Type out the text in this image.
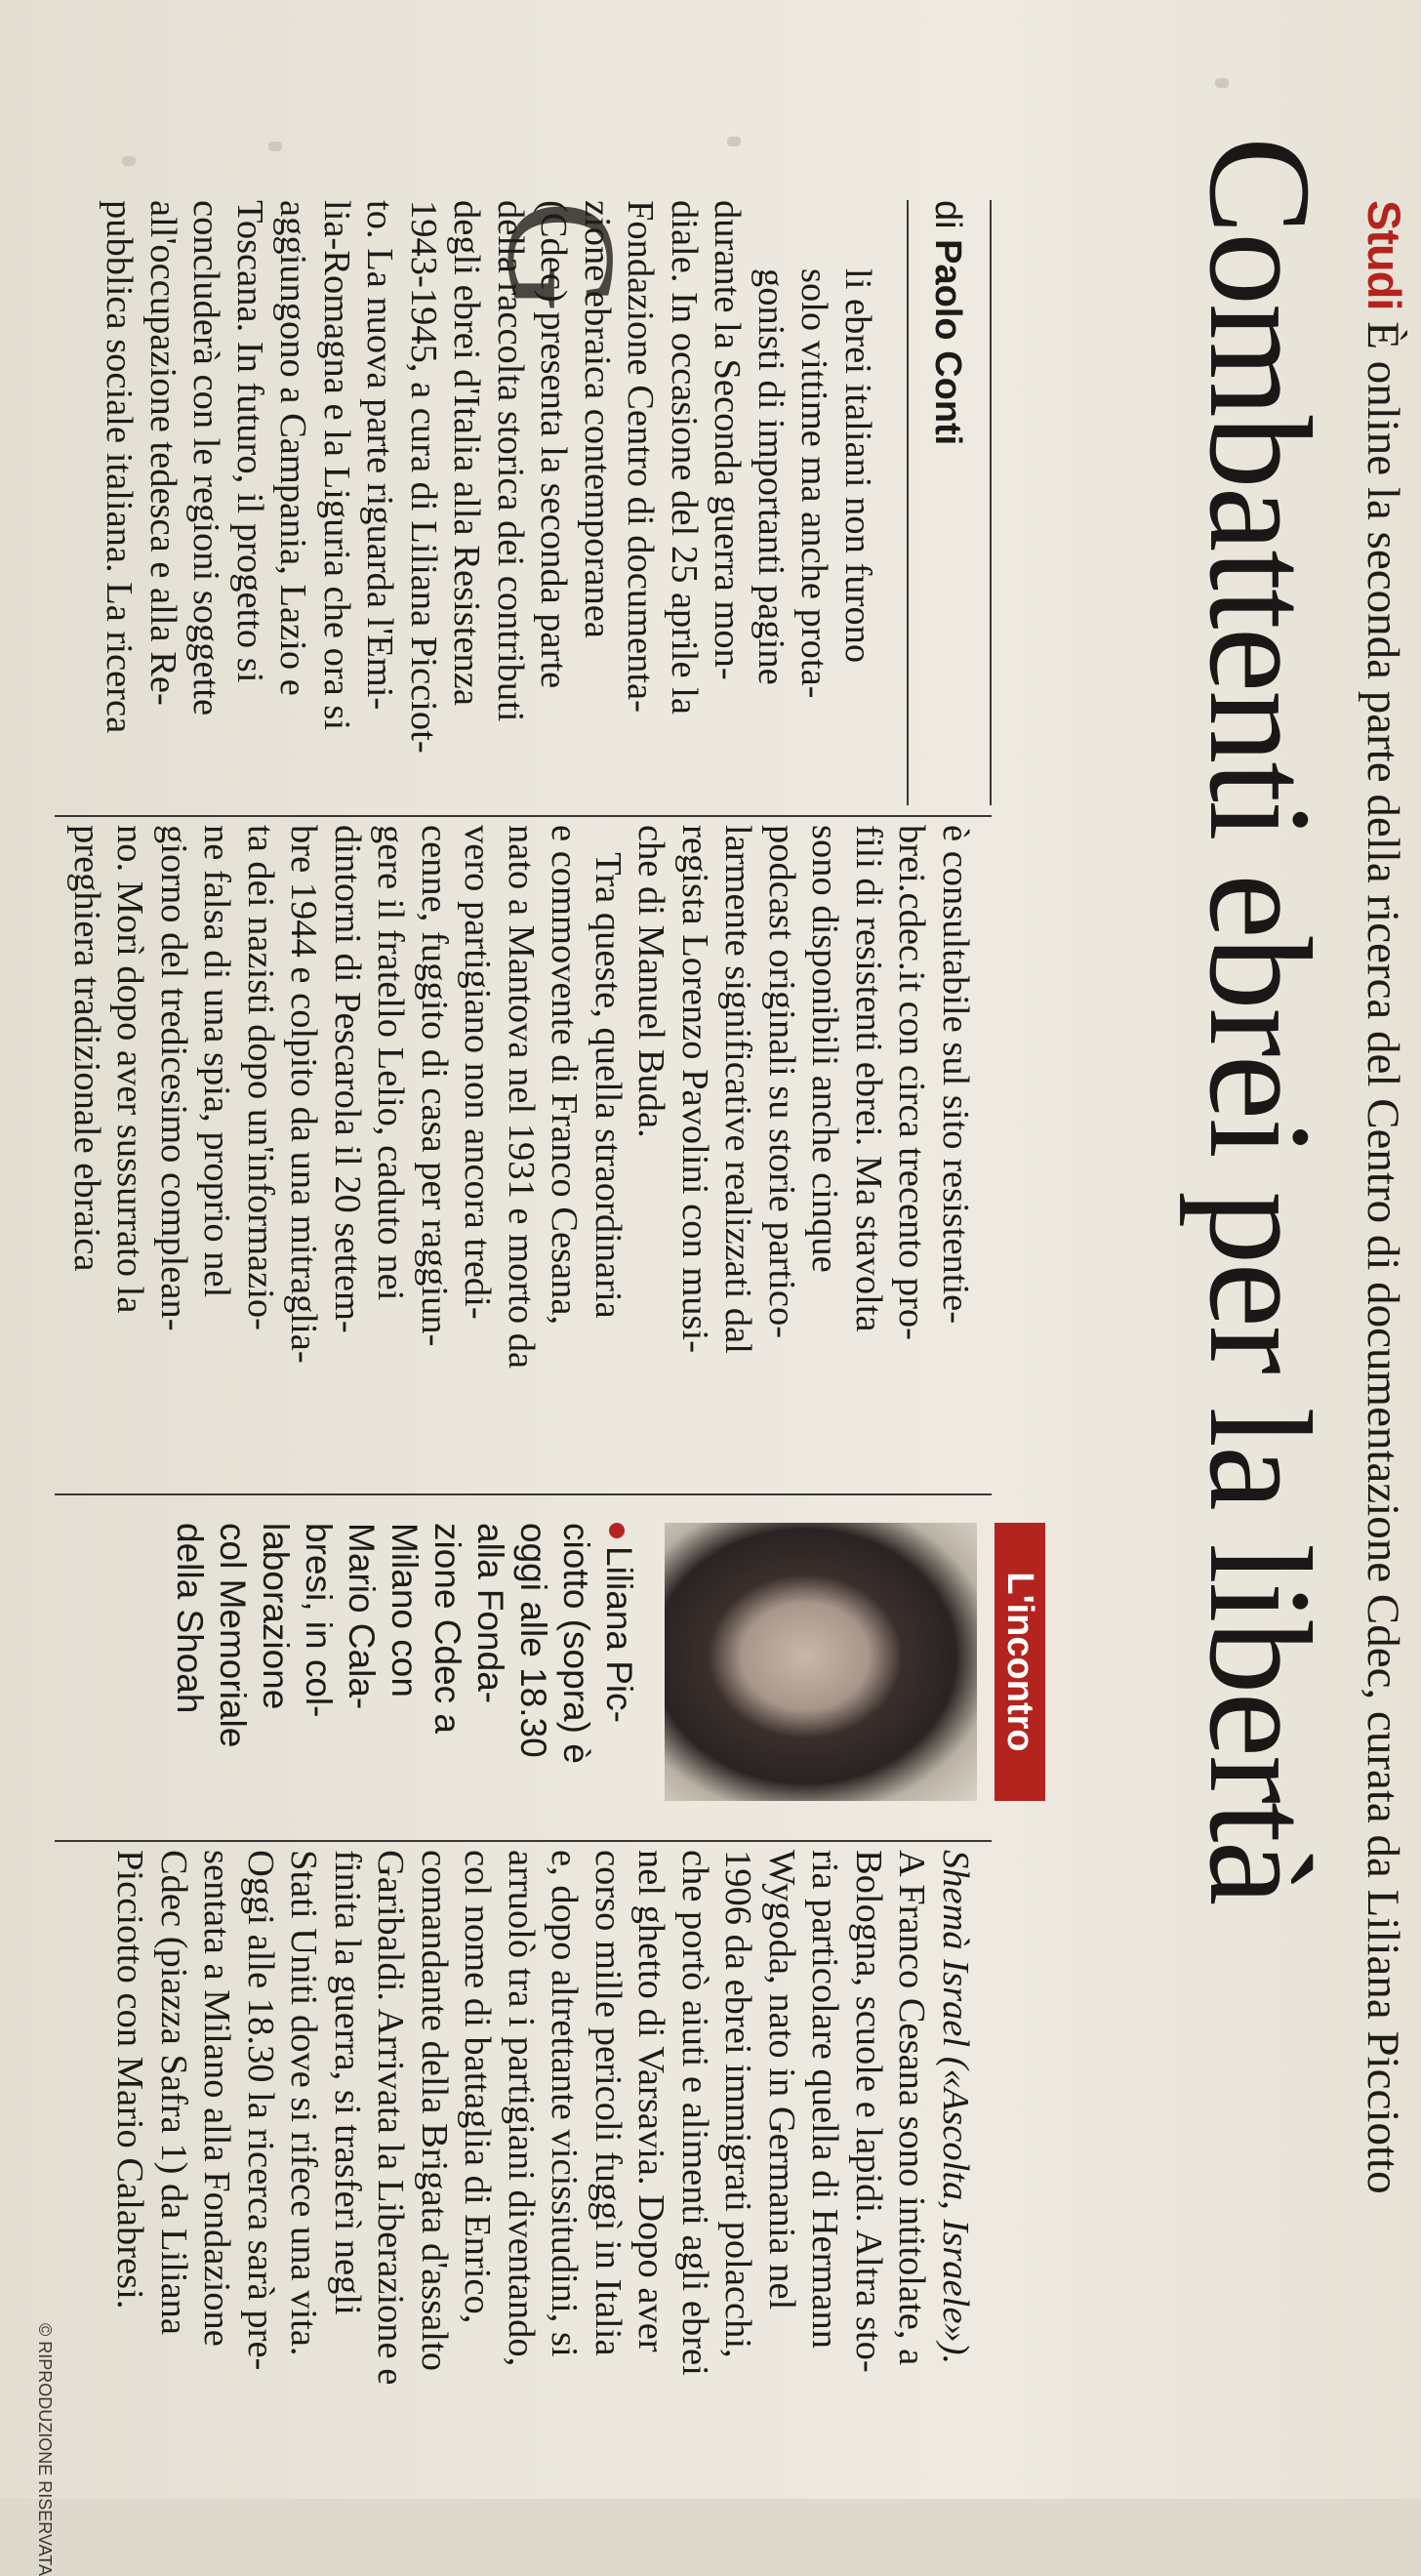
Studi È online la seconda parte della ricerca del Centro di documentazione Cdec, curata da Liliana Picciotto
Combattenti ebrei per la libertà
di Paolo Conti
G
li ebrei italiani non furono
solo vittime ma anche prota-
gonisti di importanti pagine
durante la Seconda guerra mon-
diale. In occasione del 25 aprile la
Fondazione Centro di documenta-
zione ebraica contemporanea
(Cdec) presenta la seconda parte
della raccolta storica dei contributi
degli ebrei d'Italia alla Resistenza
1943-1945, a cura di Liliana Picciot-
to. La nuova parte riguarda l'Emi-
lia-Romagna e la Liguria che ora si
aggiungono a Campania, Lazio e
Toscana. In futuro, il progetto si
concluderà con le regioni soggette
all'occupazione tedesca e alla Re-
pubblica sociale italiana. La ricerca
è consultabile sul sito resistentie-
brei.cdec.it con circa trecento pro-
fili di resistenti ebrei. Ma stavolta
sono disponibili anche cinque
podcast originali su storie partico-
larmente significative realizzati dal
regista Lorenzo Pavolini con musi-
che di Manuel Buda.
Tra queste, quella straordinaria
e commovente di Franco Cesana,
nato a Mantova nel 1931 e morto da
vero partigiano non ancora tredi-
cenne, fuggito di casa per raggiun-
gere il fratello Lelio, caduto nei
dintorni di Pescarola il 20 settem-
bre 1944 e colpito da una mitraglia-
ta dei nazisti dopo un'informazio-
ne falsa di una spia, proprio nel
giorno del tredicesimo complean-
no. Morì dopo aver sussurrato la
preghiera tradizionale ebraica
L'incontro
Liliana Pic-
ciotto (sopra) è
oggi alle 18.30
alla Fonda-
zione Cdec a
Milano con
Mario Cala-
bresi, in col-
laborazione
col Memoriale
della Shoah
Shemà Israel («Ascolta, Israele»).
A Franco Cesana sono intitolate, a
Bologna, scuole e lapidi. Altra sto-
ria particolare quella di Hermann
Wygoda, nato in Germania nel
1906 da ebrei immigrati polacchi,
che portò aiuti e alimenti agli ebrei
nel ghetto di Varsavia. Dopo aver
corso mille pericoli fuggì in Italia
e, dopo altrettante vicissitudini, si
arruolò tra i partigiani diventando,
col nome di battaglia di Enrico,
comandante della Brigata d'assalto
Garibaldi. Arrivata la Liberazione e
finita la guerra, si trasferì negli
Stati Uniti dove si rifece una vita.
Oggi alle 18.30 la ricerca sarà pre-
sentata a Milano alla Fondazione
Cdec (piazza Safra 1) da Liliana
Picciotto con Mario Calabresi.
© RIPRODUZIONE RISERVATA
